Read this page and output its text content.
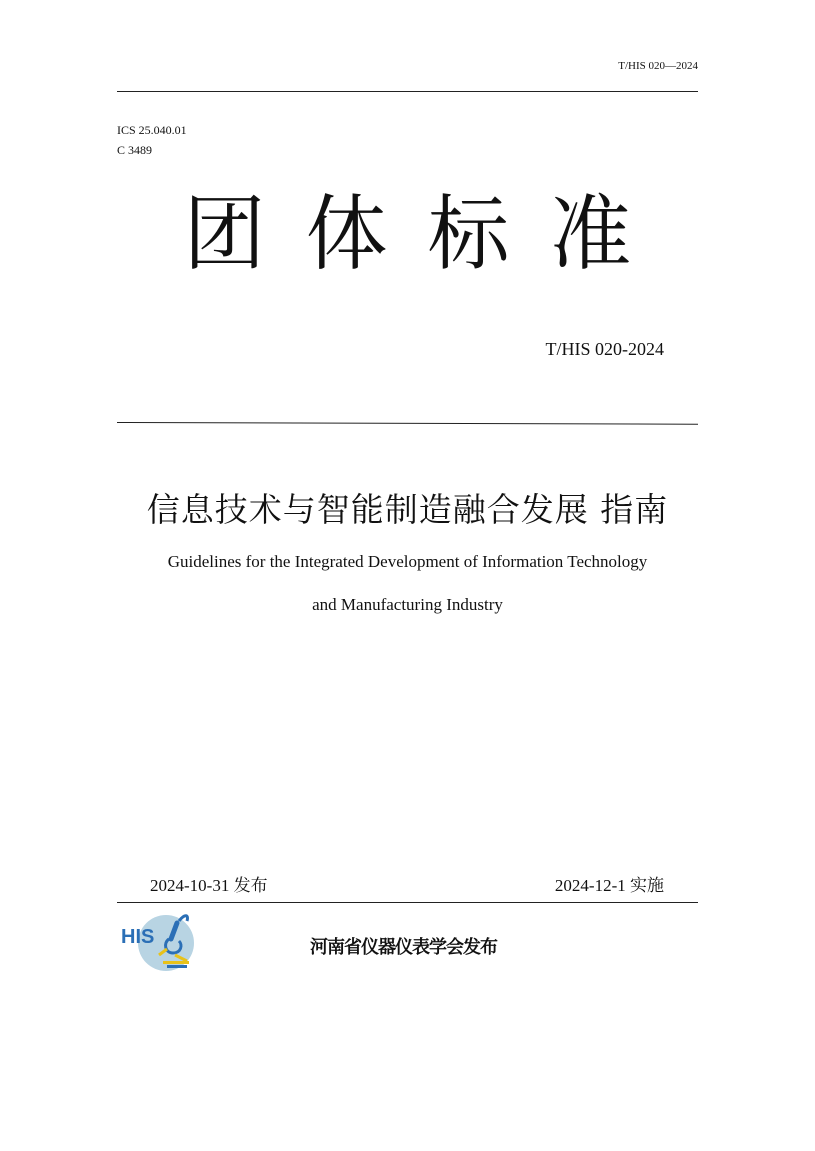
T/HIS 020—2024
ICS 25.040.01
C 3489
团体标准
T/HIS 020-2024
信息技术与智能制造融合发展 指南
Guidelines for the Integrated Development of Information Technology
and Manufacturing Industry
2024-10-31 发布	2024-12-1 实施
HIS	河南省仪器仪表学会发布
